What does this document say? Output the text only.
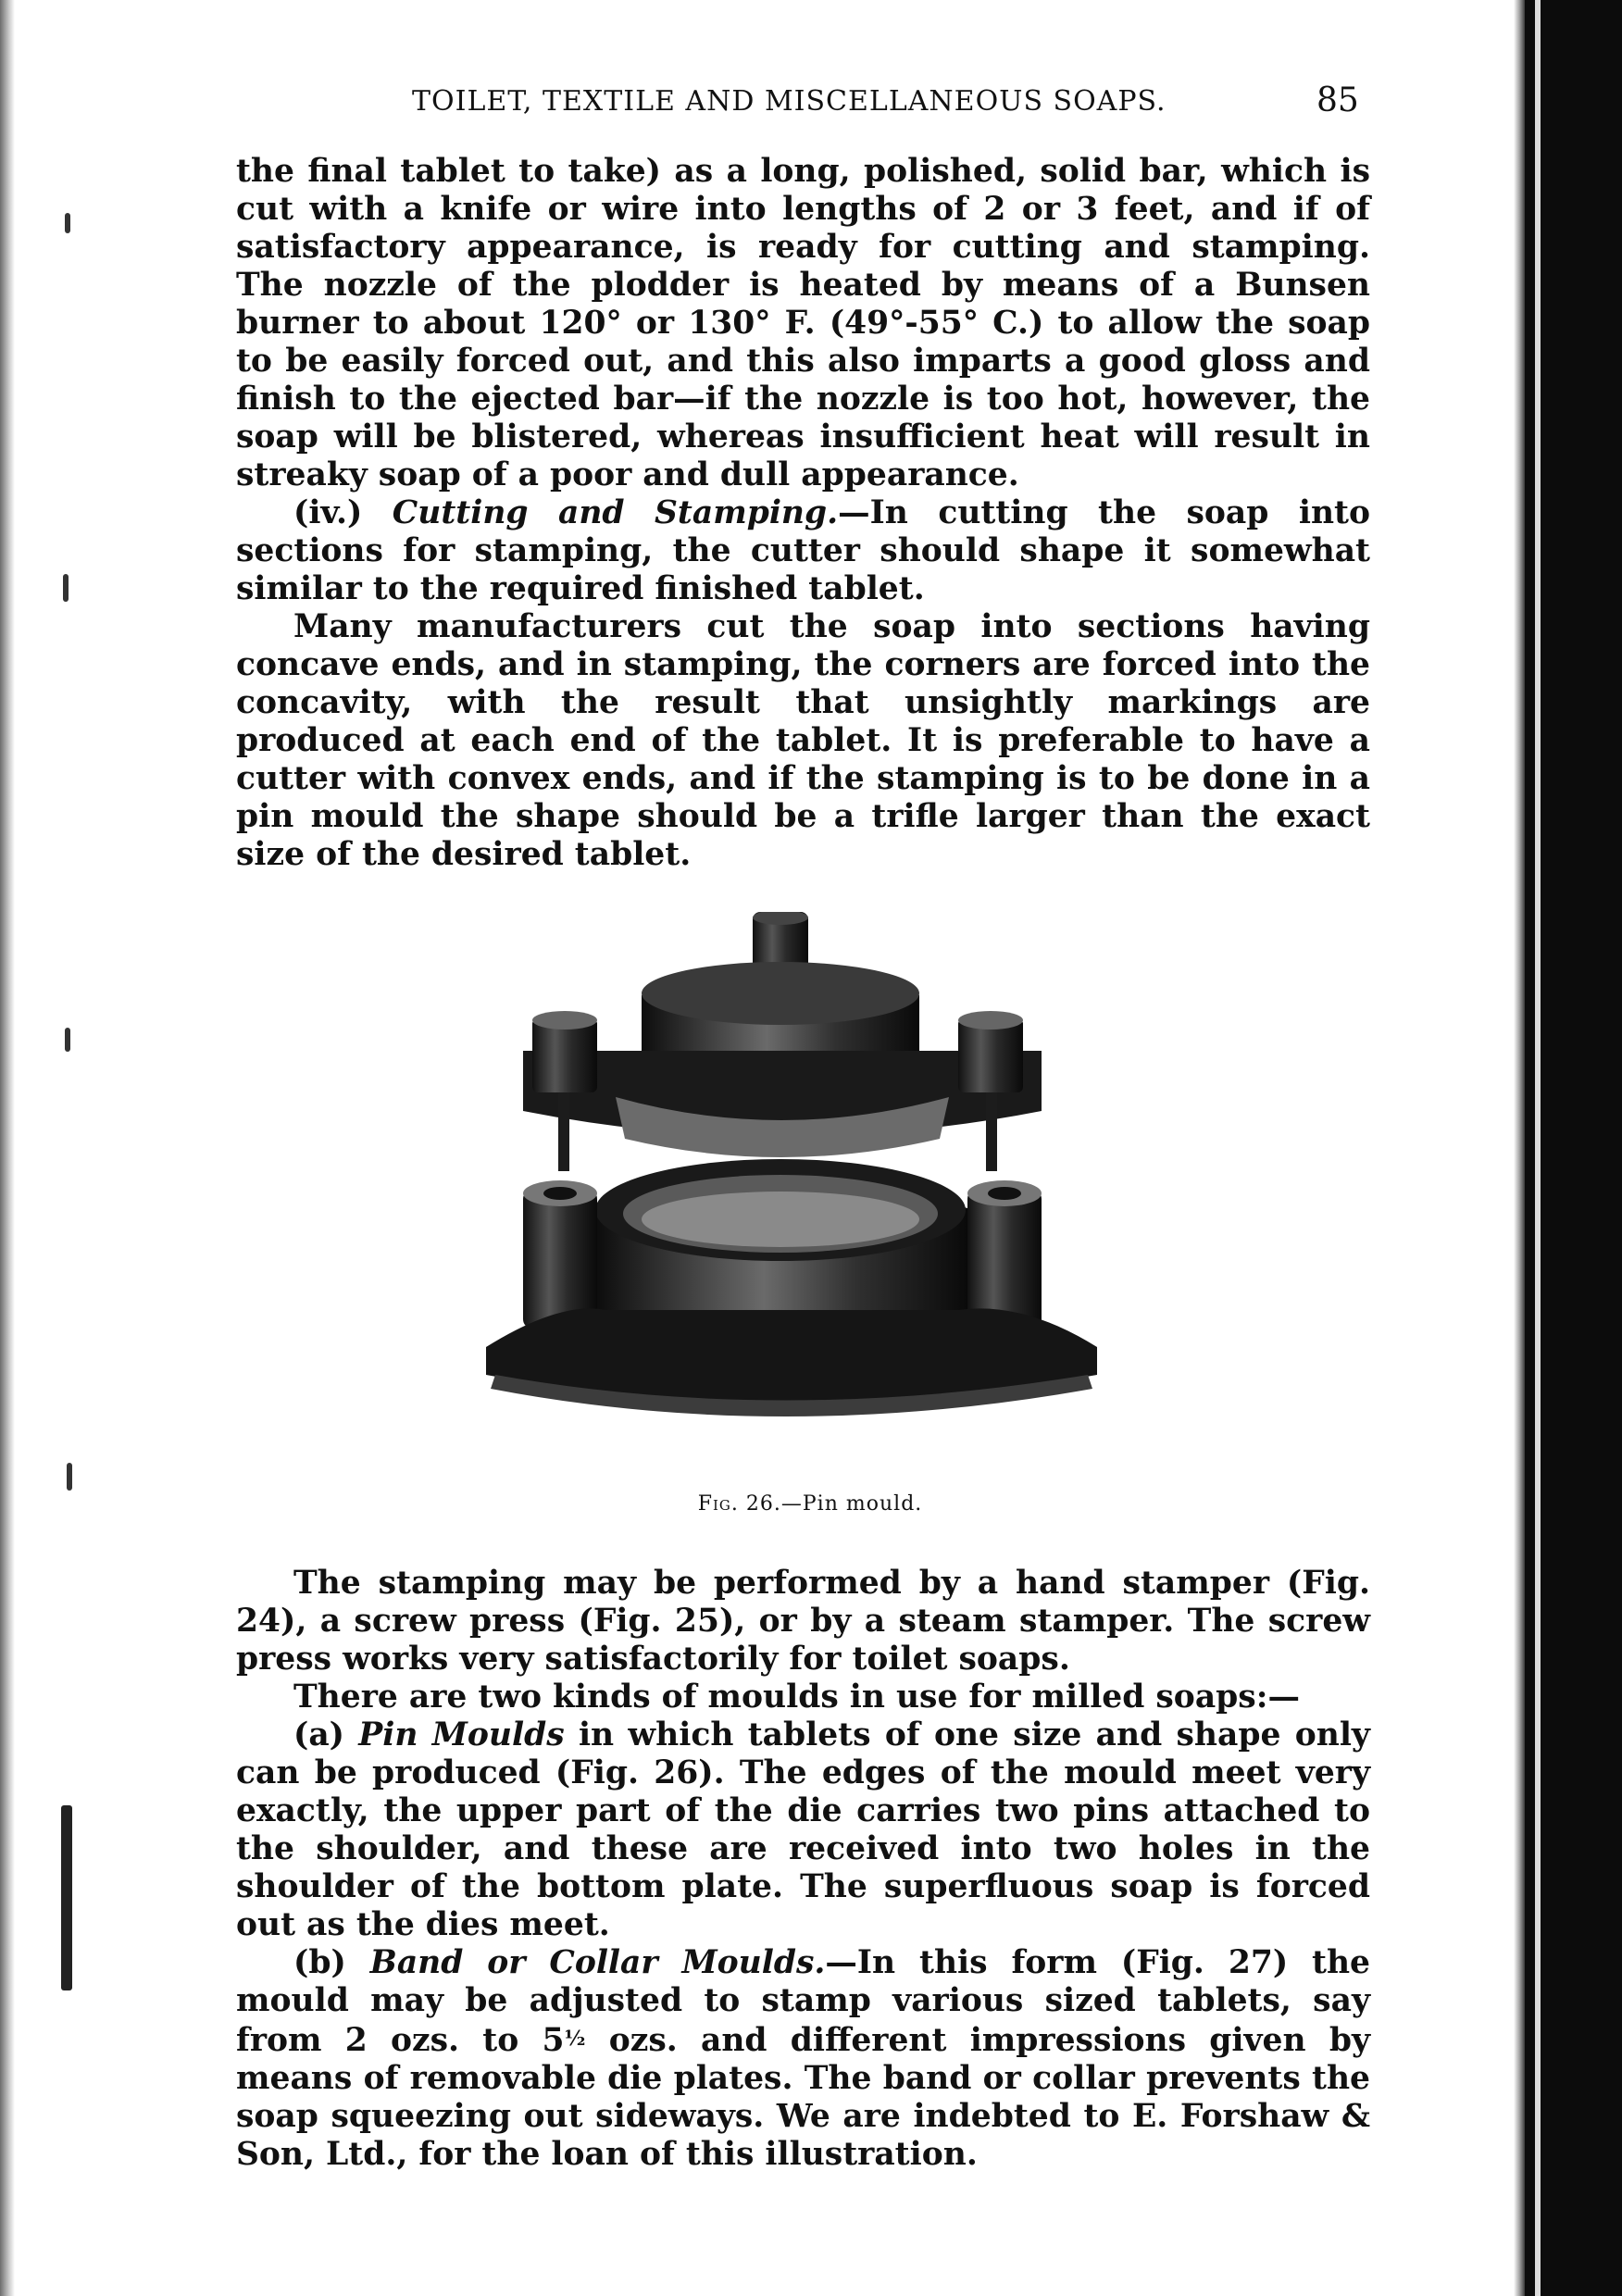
TOILET, TEXTILE AND MISCELLANEOUS SOAPS.	85

the final tablet to take) as a long, polished, solid bar, which is cut with a knife or wire into lengths of 2 or 3 feet, and if of satisfactory appearance, is ready for cutting and stamping. The nozzle of the plodder is heated by means of a Bunsen burner to about 120° or 130° F. (49°-55° C.) to allow the soap to be easily forced out, and this also imparts a good gloss and finish to the ejected bar—if the nozzle is too hot, however, the soap will be blistered, whereas insufficient heat will result in streaky soap of a poor and dull appearance.

(iv.) Cutting and Stamping.—In cutting the soap into sections for stamping, the cutter should shape it somewhat similar to the required finished tablet.

Many manufacturers cut the soap into sections having concave ends, and in stamping, the corners are forced into the concavity, with the result that unsightly markings are produced at each end of the tablet. It is preferable to have a cutter with convex ends, and if the stamping is to be done in a pin mould the shape should be a trifle larger than the exact size of the desired tablet.

Fig. 26.—Pin mould.

The stamping may be performed by a hand stamper (Fig. 24), a screw press (Fig. 25), or by a steam stamper. The screw press works very satisfactorily for toilet soaps.

There are two kinds of moulds in use for milled soaps:—

(a) Pin Moulds in which tablets of one size and shape only can be produced (Fig. 26). The edges of the mould meet very exactly, the upper part of the die carries two pins attached to the shoulder, and these are received into two holes in the shoulder of the bottom plate. The superfluous soap is forced out as the dies meet.

(b) Band or Collar Moulds.—In this form (Fig. 27) the mould may be adjusted to stamp various sized tablets, say from 2 ozs. to 5½ ozs. and different impressions given by means of removable die plates. The band or collar prevents the soap squeezing out sideways. We are indebted to E. Forshaw & Son, Ltd., for the loan of this illustration.
